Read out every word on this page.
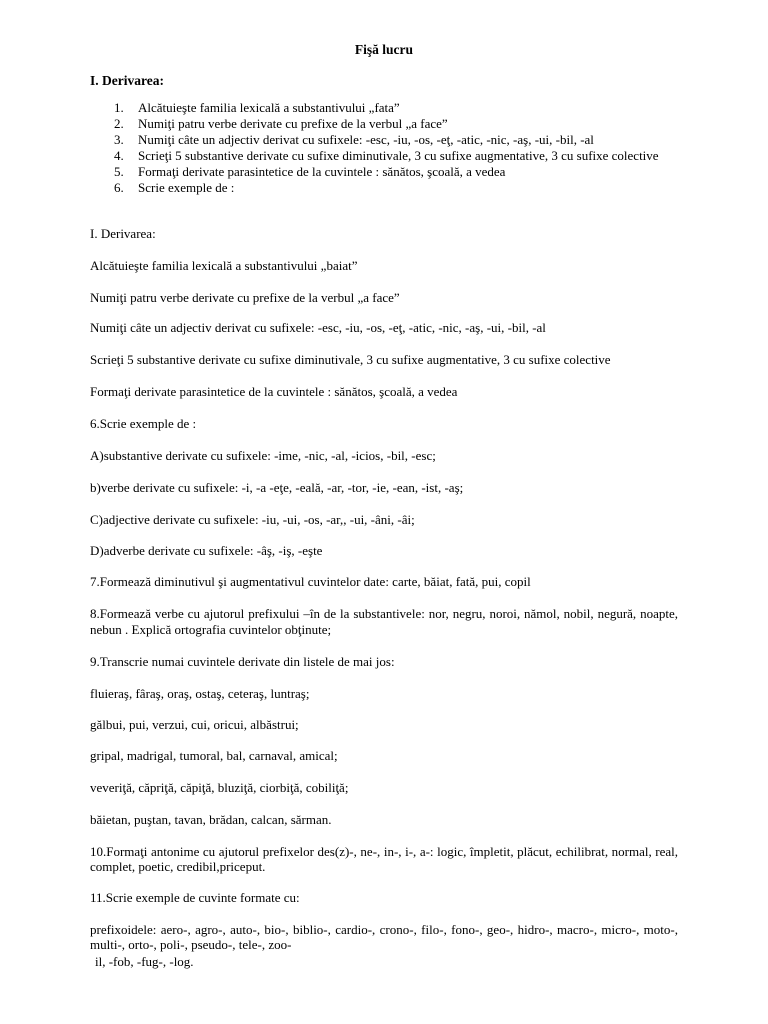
Fişă lucru
I. Derivarea:
1. Alcătuieşte familia lexicală a substantivului „fata”
2. Numiţi patru verbe derivate cu prefixe de la verbul „a face”
3. Numiţi câte un adjectiv derivat cu sufixele: -esc, -iu, -os, -eţ, -atic, -nic, -aş, -ui, -bil, -al
4. Scrieţi 5 substantive derivate cu sufixe diminutivale, 3 cu sufixe augmentative, 3 cu sufixe colective
5. Formaţi derivate parasintetice de la cuvintele : sănătos, şcoală, a vedea
6. Scrie exemple de :

I. Derivarea:

Alcătuieşte familia lexicală a substantivului „baiat”

Numiţi patru verbe derivate cu prefixe de la verbul „a face”

Numiţi câte un adjectiv derivat cu sufixele: -esc, -iu, -os, -eţ, -atic, -nic, -aş, -ui, -bil, -al

Scrieţi 5 substantive derivate cu sufixe diminutivale, 3 cu sufixe augmentative, 3 cu sufixe colective

Formaţi derivate parasintetice de la cuvintele : sănătos, şcoală, a vedea

6.Scrie exemple de :

A)substantive derivate cu sufixele: -ime, -nic, -al, -icios, -bil, -esc;

b)verbe derivate cu sufixele: -i, -a -eţe, -eală, -ar, -tor, -ie, -ean, -ist, -aş;

C)adjective derivate cu sufixele: -iu, -ui, -os, -ar,, -ui, -âni, -âi;

D)adverbe derivate cu sufixele: -âş, -iş, -eşte

7.Formează diminutivul şi augmentativul cuvintelor date: carte, băiat, fată, pui, copil

8.Formează verbe cu ajutorul prefixului –în de la substantivele: nor, negru, noroi, nămol, nobil, negură, noapte, nebun . Explică ortografia cuvintelor obţinute;

9.Transcrie numai cuvintele derivate din listele de mai jos:

fluieraş, fâraş, oraş, ostaş, ceteraş, luntraş;

gălbui, pui, verzui, cui, oricui, albăstrui;

gripal, madrigal, tumoral, bal, carnaval, amical;

veveriţă, căpriţă, căpiţă, bluziţă, ciorbiţă, cobiliţă;

băietan, puştan, tavan, brădan, calcan, sărman.

10.Formaţi antonime cu ajutorul prefixelor des(z)-, ne-, in-, i-, a-: logic, împletit, plăcut, echilibrat, normal, real, complet, poetic, credibil,priceput.

11.Scrie exemple de cuvinte formate cu:

prefixoidele: aero-, agro-, auto-, bio-, biblio-, cardio-, crono-, filo-, fono-, geo-, hidro-, macro-, micro-, moto-, multi-, orto-, poli-, pseudo-, tele-, zoo-

il, -fob, -fug-, -log.
